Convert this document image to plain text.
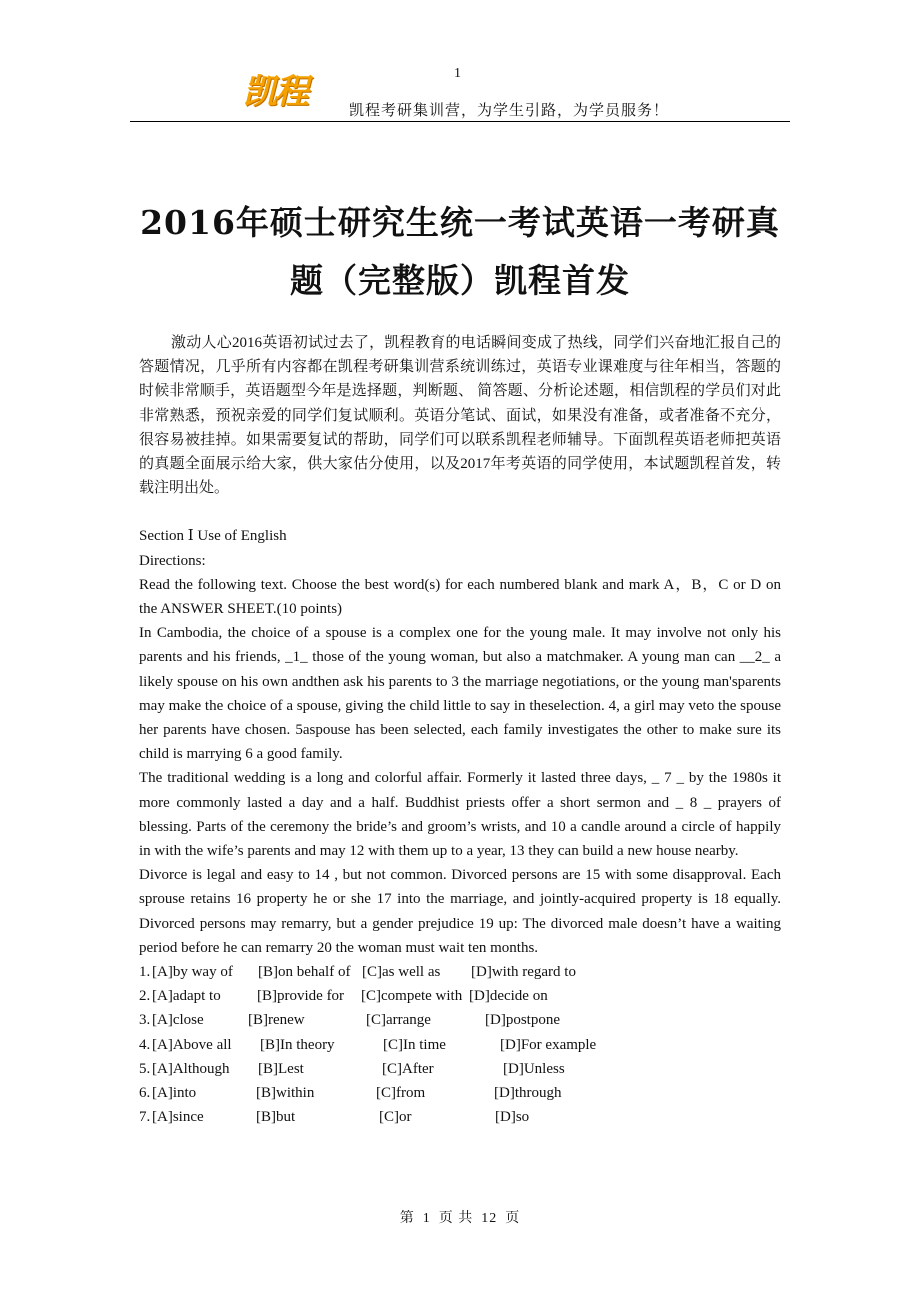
凯程	1
凯程考研集训营，为学生引路，为学员服务！
2016年硕士研究生统一考试英语一考研真
题（完整版）凯程首发

激动人心2016英语初试过去了，凯程教育的电话瞬间变成了热线，同学们兴奋地汇报自己的答题情况，几乎所有内容都在凯程考研集训营系统训练过，英语专业课难度与往年相当，答题的时候非常顺手，英语题型今年是选择题，判断题、 简答题、分析论述题，相信凯程的学员们对此非常熟悉，预祝亲爱的同学们复试顺利。英语分笔试、面试，如果没有准备，或者准备不充分，很容易被挂掉。如果需要复试的帮助，同学们可以联系凯程老师辅导。下面凯程英语老师把英语的真题全面展示给大家，供大家估分使用，以及2017年考英语的同学使用，本试题凯程首发，转载注明出处。

Section Ⅰ Use of English
Directions:
Read the following text. Choose the best word(s) for each numbered blank and mark A，B，C or D on the ANSWER SHEET.(10 points)
In Cambodia, the choice of a spouse is a complex one for the young male. It may involve not only his parents and his friends, _1_ those of the young woman, but also a matchmaker. A young man can __2_ a likely spouse on his own andthen ask his parents to 3 the marriage negotiations, or the young man'sparents may make the choice of a spouse, giving the child little to say in theselection. 4, a girl may veto the spouse her parents have chosen. 5aspouse has been selected, each family investigates the other to make sure its child is marrying 6 a good family.
The traditional wedding is a long and colorful affair. Formerly it lasted three days, _ 7 _ by the 1980s it more commonly lasted a day and a half. Buddhist priests offer a short sermon and _ 8 _ prayers of blessing. Parts of the ceremony the bride’s and groom’s wrists, and 10 a candle around a circle of happily in with the wife’s parents and may 12 with them up to a year, 13 they can build a new house nearby.
Divorce is legal and easy to 14 , but not common. Divorced persons are 15 with some disapproval. Each sprouse retains 16 property he or she 17 into the marriage, and jointly-acquired property is 18 equally. Divorced persons may remarry, but a gender prejudice 19 up: The divorced male doesn’t have a waiting period before he can remarry 20 the woman must wait ten months.
1. [A]by way of [B]on behalf of [C]as well as [D]with regard to
2. [A]adapt to [B]provide for [C]compete with [D]decide on
3. [A]close	[B]renew	[C]arrange	[D]postpone
4. [A]Above all [B]In theory	[C]In time	[D]For example
5. [A]Although [B]Lest	[C]After	[D]Unless
6. [A]into	[B]within	[C]from	[D]through
7. [A]since	[B]but	[C]or	[D]so
第 1 页 共 12 页
